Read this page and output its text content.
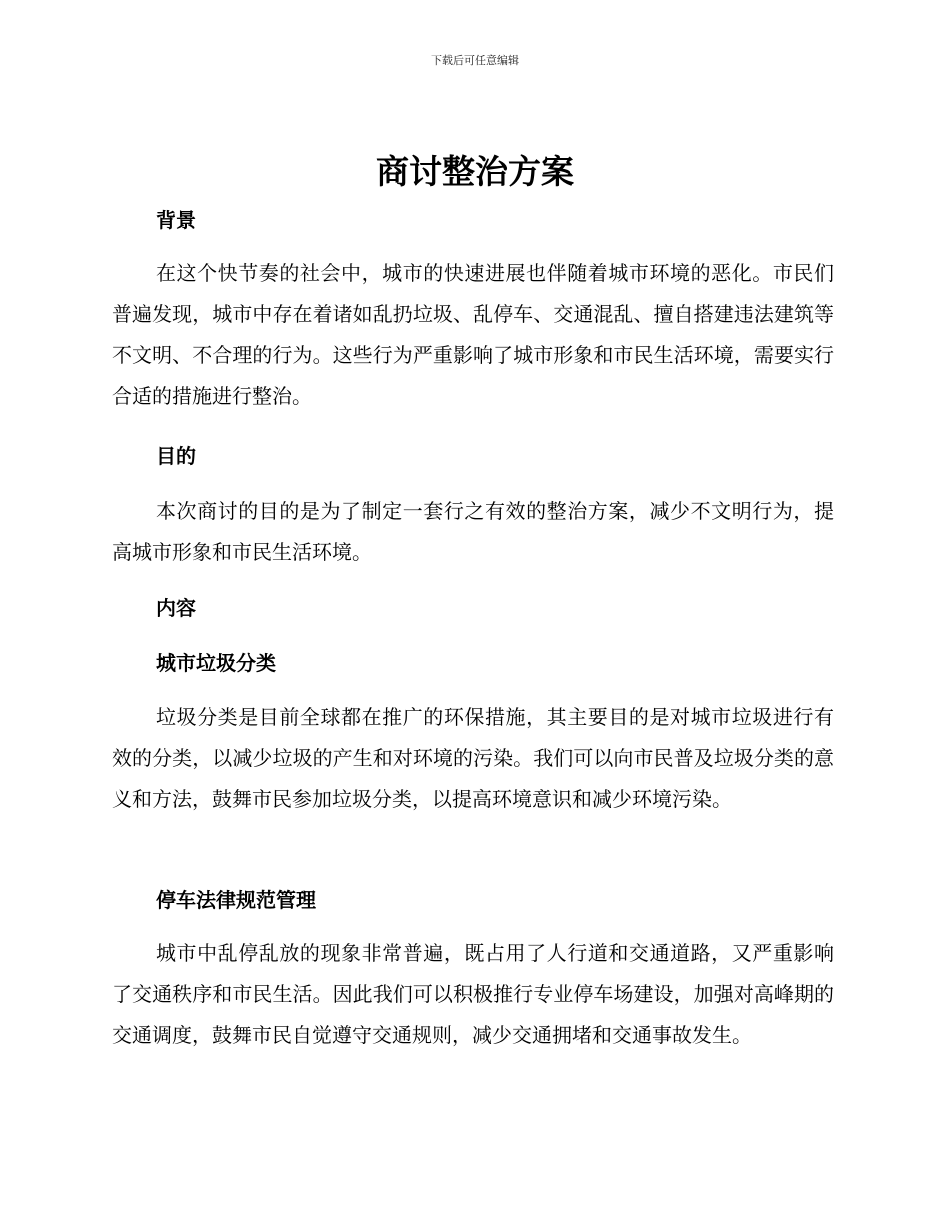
下载后可任意编辑
商讨整治方案
背景

在这个快节奏的社会中，城市的快速进展也伴随着城市环境的恶化。市民们普遍发现，城市中存在着诸如乱扔垃圾、乱停车、交通混乱、擅自搭建违法建筑等不文明、不合理的行为。这些行为严重影响了城市形象和市民生活环境，需要实行合适的措施进行整治。

目的

本次商讨的目的是为了制定一套行之有效的整治方案，减少不文明行为，提高城市形象和市民生活环境。

内容
城市垃圾分类

垃圾分类是目前全球都在推广的环保措施，其主要目的是对城市垃圾进行有效的分类，以减少垃圾的产生和对环境的污染。我们可以向市民普及垃圾分类的意义和方法，鼓舞市民参加垃圾分类，以提高环境意识和减少环境污染。

停车法律规范管理

城市中乱停乱放的现象非常普遍，既占用了人行道和交通道路，又严重影响了交通秩序和市民生活。因此我们可以积极推行专业停车场建设，加强对高峰期的交通调度，鼓舞市民自觉遵守交通规则，减少交通拥堵和交通事故发生。
